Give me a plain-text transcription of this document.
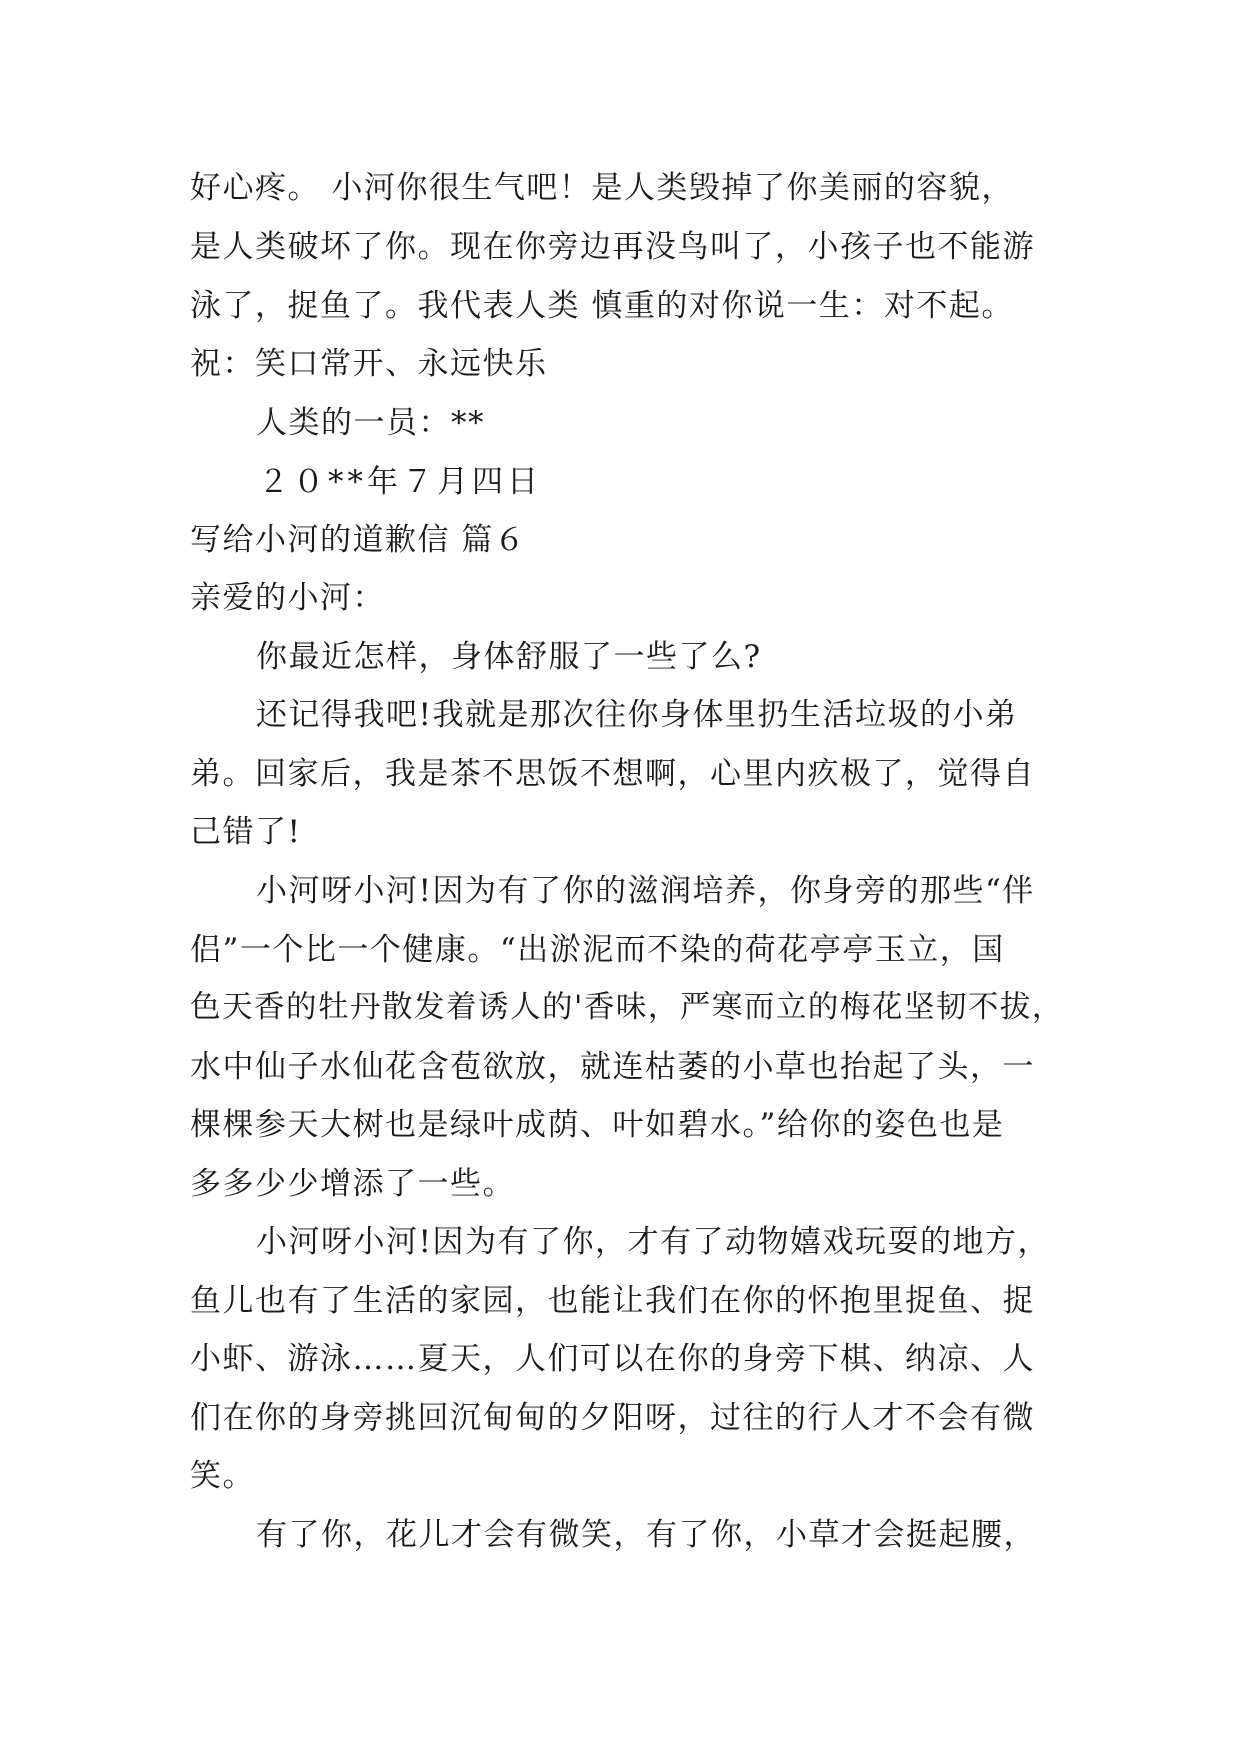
好心疼。 小河你很生气吧！是人类毁掉了你美丽的容貌，
是人类破坏了你。现在你旁边再没鸟叫了，小孩子也不能游
泳了，捉鱼了。我代表人类 慎重的对你说一生：对不起。
祝：笑口常开、永远快乐
人类的一员：**
２０**年７月四日
写给小河的道歉信 篇６
亲爱的小河：
你最近怎样，身体舒服了一些了么?
还记得我吧!我就是那次往你身体里扔生活垃圾的小弟
弟。回家后，我是茶不思饭不想啊，心里内疚极了，觉得自
己错了!
小河呀小河!因为有了你的滋润培养，你身旁的那些“伴
侣”一个比一个健康。“出淤泥而不染的荷花亭亭玉立，国
色天香的牡丹散发着诱人的'香味，严寒而立的梅花坚韧不拔，
水中仙子水仙花含苞欲放，就连枯萎的小草也抬起了头，一
棵棵参天大树也是绿叶成荫、叶如碧水。”给你的姿色也是
多多少少增添了一些。
小河呀小河!因为有了你，才有了动物嬉戏玩耍的地方，
鱼儿也有了生活的家园，也能让我们在你的怀抱里捉鱼、捉
小虾、游泳……夏天，人们可以在你的身旁下棋、纳凉、人
们在你的身旁挑回沉甸甸的夕阳呀，过往的行人才不会有微
笑。
有了你，花儿才会有微笑，有了你，小草才会挺起腰，
